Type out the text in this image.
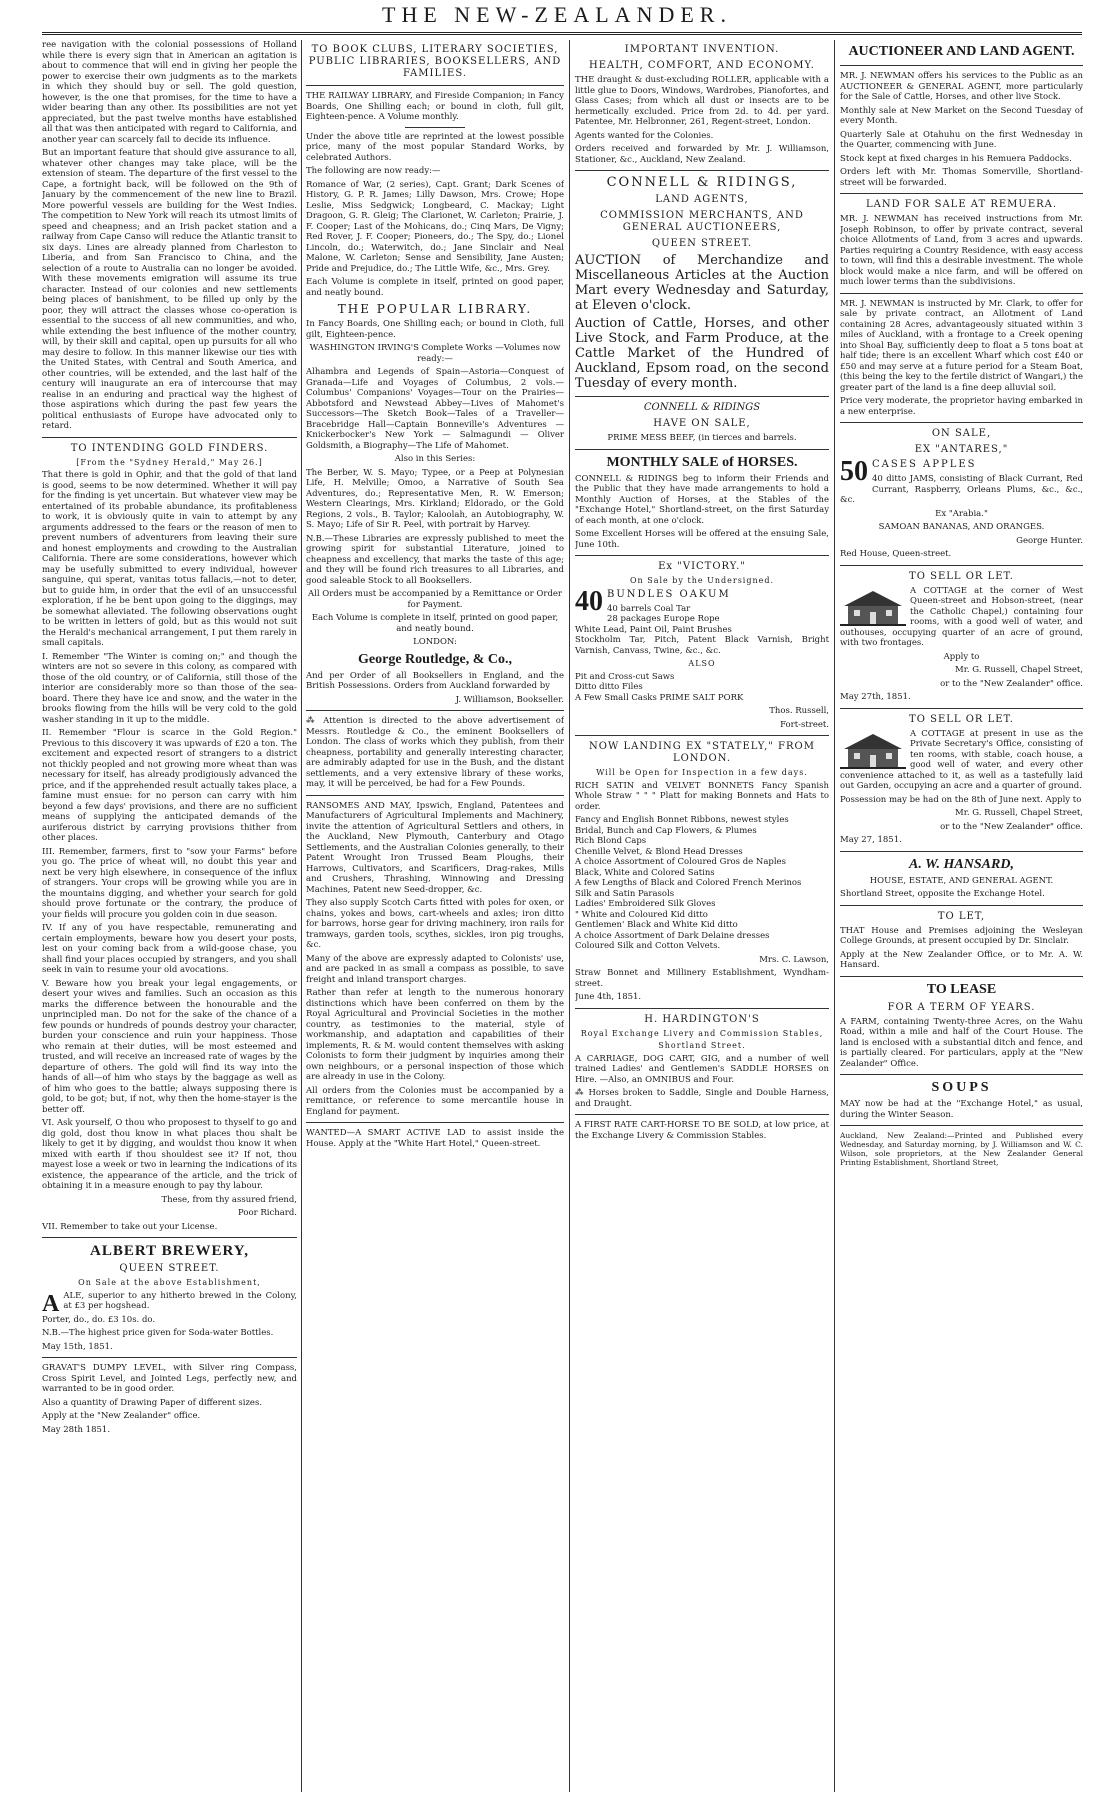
THE NEW-ZEALANDER.

ree navigation with the colonial possessions of Holland while there is every sign that in American an agitation is about to commence that will end in giving her people the power to exercise their own judgments as to the markets in which they should buy or sell. The gold question, however, is the one that promises, for the time to have a wider bearing than any other. Its possibilities are not yet appreciated, but the past twelve months have established all that was then anticipated with regard to California, and another year can scarcely fail to decide its influence.

But an important feature that should give assurance to all, whatever other changes may take place, will be the extension of steam. The departure of the first vessel to the Cape, a fortnight back, will be followed on the 9th of January by the commencement of the new line to Brazil. More powerful vessels are building for the West Indies. The competition to New York will reach its utmost limits of speed and cheapness; and an Irish packet station and a railway from Cape Canso will reduce the Atlantic transit to six days. Lines are already planned from Charleston to Liberia, and from San Francisco to China, and the selection of a route to Australia can no longer be avoided. With these movements emigration will assume its true character. Instead of our colonies and new settlements being places of banishment, to be filled up only by the poor, they will attract the classes whose co-operation is essential to the success of all new communities, and who, while extending the best influence of the mother country, will, by their skill and capital, open up pursuits for all who may desire to follow. In this manner likewise our ties with the United States, with Central and South America, and other countries, will be extended, and the last half of the century will inaugurate an era of intercourse that may realise in an enduring and practical way the highest of those aspirations which during the past few years the political enthusiasts of Europe have advocated only to retard.

TO INTENDING GOLD FINDERS.
[From the "Sydney Herald," May 26.]

That there is gold in Ophir, and that the gold of that land is good, seems to be now determined. Whether it will pay for the finding is yet uncertain. But whatever view may be entertained of its probable abundance, its profitableness to work, it is obviously quite in vain to attempt by any arguments addressed to the fears or the reason of men to prevent numbers of adventurers from leaving their sure and honest employments and crowding to the Australian California. There are some considerations, however which may be usefully submitted to every individual, however sanguine, qui sperat, vanitas totus fallacis,—not to deter, but to guide him, in order that the evil of an unsuccessful exploration, if he be bent upon going to the diggings, may be somewhat alleviated. The following observations ought to be written in letters of gold, but as this would not suit the Herald's mechanical arrangement, I put them rarely in small capitals.

I. Remember "The Winter is coming on;" and though the winters are not so severe in this colony, as compared with those of the old country, or of California, still those of the interior are considerably more so than those of the sea-board. There they have ice and snow, and the water in the brooks flowing from the hills will be very cold to the gold washer standing in it up to the middle.

II. Remember "Flour is scarce in the Gold Region." Previous to this discovery it was upwards of £20 a ton. The excitement and expected resort of strangers to a district not thickly peopled and not growing more wheat than was necessary for itself, has already prodigiously advanced the price, and if the apprehended result actually takes place, a famine must ensue: for no person can carry with him beyond a few days' provisions, and there are no sufficient means of supplying the anticipated demands of the auriferous district by carrying provisions thither from other places.

III. Remember, farmers, first to "sow your Farms" before you go. The price of wheat will, no doubt this year and next be very high elsewhere, in consequence of the influx of strangers. Your crops will be growing while you are in the mountains digging, and whether your search for gold should prove fortunate or the contrary, the produce of your fields will procure you golden coin in due season.

IV. If any of you have respectable, remunerating and certain employments, beware how you desert your posts, lest on your coming back from a wild-goose chase, you shall find your places occupied by strangers, and you shall seek in vain to resume your old avocations.

V. Beware how you break your legal engagements, or desert your wives and families. Such an occasion as this marks the difference between the honourable and the unprincipled man. Do not for the sake of the chance of a few pounds or hundreds of pounds destroy your character, burden your conscience and ruin your happiness. Those who remain at their duties, will be most esteemed and trusted, and will receive an increased rate of wages by the departure of others. The gold will find its way into the hands of all—of him who stays by the baggage as well as of him who goes to the battle; always supposing there is gold, to be got; but, if not, why then the home-stayer is the better off.

VI. Ask yourself, O thou who proposest to thyself to go and dig gold, dost thou know in what places thou shalt be likely to get it by digging, and wouldst thou know it when mixed with earth if thou shouldest see it? If not, thou mayest lose a week or two in learning the indications of its existence, the appearance of the article, and the trick of obtaining it in a measure enough to pay thy labour.

These, from thy assured friend,

Poor Richard.

VII. Remember to take out your License.

ALBERT BREWERY,
QUEEN STREET.
On Sale at the above Establishment,

AALE, superior to any hitherto brewed in the Colony, at £3 per hogshead.

Porter, do., do. £3 10s. do.

N.B.—The highest price given for Soda-water Bottles.

May 15th, 1851.

GRAVAT'S DUMPY LEVEL, with Silver ring Compass, Cross Spirit Level, and Jointed Legs, perfectly new, and warranted to be in good order.

Also a quantity of Drawing Paper of different sizes.

Apply at the "New Zealander" office.

May 28th 1851.

TO BOOK CLUBS, LITERARY SOCIETIES, PUBLIC LIBRARIES, BOOKSELLERS, AND FAMILIES.

THE RAILWAY LIBRARY, and Fireside Companion; in Fancy Boards, One Shilling each; or bound in cloth, full gilt, Eighteen-pence. A Volume monthly.

Under the above title are reprinted at the lowest possible price, many of the most popular Standard Works, by celebrated Authors.

The following are now ready:—

Romance of War, (2 series), Capt. Grant; Dark Scenes of History, G. P. R. James; Lilly Dawson, Mrs. Crowe; Hope Leslie, Miss Sedgwick; Longbeard, C. Mackay; Light Dragoon, G. R. Gleig; The Clarionet, W. Carleton; Prairie, J. F. Cooper; Last of the Mohicans, do.; Cinq Mars, De Vigny; Red Rover, J. F. Cooper; Pioneers, do.; The Spy, do.; Lionel Lincoln, do.; Waterwitch, do.; Jane Sinclair and Neal Malone, W. Carleton; Sense and Sensibility, Jane Austen; Pride and Prejudice, do.; The Little Wife, &c., Mrs. Grey.

Each Volume is complete in itself, printed on good paper, and neatly bound.

THE POPULAR LIBRARY.

In Fancy Boards, One Shilling each; or bound in Cloth, full gilt, Eighteen-pence.

WASHINGTON IRVING'S Complete Works —Volumes now ready:—

Alhambra and Legends of Spain—Astoria—Conquest of Granada—Life and Voyages of Columbus, 2 vols.—Columbus' Companions' Voyages—Tour on the Prairies—Abbotsford and Newstead Abbey—Lives of Mahomet's Successors—The Sketch Book—Tales of a Traveller—Bracebridge Hall—Captain Bonneville's Adventures — Knickerbocker's New York — Salmagundi — Oliver Goldsmith, a Biography—The Life of Mahomet.

Also in this Series:

The Berber, W. S. Mayo; Typee, or a Peep at Polynesian Life, H. Melville; Omoo, a Narrative of South Sea Adventures, do.; Representative Men, R. W. Emerson; Western Clearings, Mrs. Kirkland; Eldorado, or the Gold Regions, 2 vols., B. Taylor; Kaloolah, an Autobiography, W. S. Mayo; Life of Sir R. Peel, with portrait by Harvey.

N.B.—These Libraries are expressly published to meet the growing spirit for substantial Literature, joined to cheapness and excellency, that marks the taste of this age; and they will be found rich treasures to all Libraries, and good saleable Stock to all Booksellers.

All Orders must be accompanied by a Remittance or Order for Payment.

Each Volume is complete in itself, printed on good paper, and neatly bound.

LONDON:

George Routledge, & Co.,

And per Order of all Booksellers in England, and the British Possessions. Orders from Auckland forwarded by

J. Williamson, Bookseller.

⁂ Attention is directed to the above advertisement of Messrs. Routledge & Co., the eminent Booksellers of London. The class of works which they publish, from their cheapness, portability and generally interesting character, are admirably adapted for use in the Bush, and the distant settlements, and a very extensive library of these works, may, it will be perceived, be had for a Few Pounds.

RANSOMES AND MAY, Ipswich, England, Patentees and Manufacturers of Agricultural Implements and Machinery, invite the attention of Agricultural Settlers and others, in the Auckland, New Plymouth, Canterbury and Otago Settlements, and the Australian Colonies generally, to their Patent Wrought Iron Trussed Beam Ploughs, their Harrows, Cultivators, and Scarificers, Drag-rakes, Mills and Crushers, Thrashing, Winnowing and Dressing Machines, Patent new Seed-dropper, &c.

They also supply Scotch Carts fitted with poles for oxen, or chains, yokes and bows, cart-wheels and axles; iron ditto for barrows, horse gear for driving machinery, iron rails for tramways, garden tools, scythes, sickles, iron pig troughs, &c.

Many of the above are expressly adapted to Colonists' use, and are packed in as small a compass as possible, to save freight and inland transport charges.

Rather than refer at length to the numerous honorary distinctions which have been conferred on them by the Royal Agricultural and Provincial Societies in the mother country, as testimonies to the material, style of workmanship, and adaptation and capabilities of their implements, R. & M. would content themselves with asking Colonists to form their judgment by inquiries among their own neighbours, or a personal inspection of those which are already in use in the Colony.

All orders from the Colonies must be accompanied by a remittance, or reference to some mercantile house in England for payment.

WANTED—A SMART ACTIVE LAD to assist inside the House. Apply at the "White Hart Hotel," Queen-street.

IMPORTANT INVENTION.
HEALTH, COMFORT, AND ECONOMY.

THE draught & dust-excluding ROLLER, applicable with a little glue to Doors, Windows, Wardrobes, Pianofortes, and Glass Cases; from which all dust or insects are to be hermetically excluded. Price from 2d. to 4d. per yard. Patentee, Mr. Helbronner, 261, Regent-street, London.

Agents wanted for the Colonies.

Orders received and forwarded by Mr. J. Williamson, Stationer, &c., Auckland, New Zealand.

CONNELL & RIDINGS,
LAND AGENTS,
COMMISSION MERCHANTS, AND GENERAL AUCTIONEERS,
QUEEN STREET.

AUCTION of Merchandize and Miscellaneous Articles at the Auction Mart every Wednesday and Saturday, at Eleven o'clock.

Auction of Cattle, Horses, and other Live Stock, and Farm Produce, at the Cattle Market of the Hundred of Auckland, Epsom road, on the second Tuesday of every month.

CONNELL & RIDINGS
HAVE ON SALE,

PRIME MESS BEEF, (in tierces and barrels.

MONTHLY SALE of HORSES.

CONNELL & RIDINGS beg to inform their Friends and the Public that they have made arrangements to hold a Monthly Auction of Horses, at the Stables of the "Exchange Hotel," Shortland-street, on the first Saturday of each month, at one o'clock.

Some Excellent Horses will be offered at the ensuing Sale, June 10th.

Ex "VICTORY."
On Sale by the Undersigned.

40 BUNDLES OAKUM

40 barrels Coal Tar
28 packages Europe Rope
White Lead, Paint Oil, Paint Brushes
Stockholm Tar, Pitch, Patent Black Varnish, Bright Varnish, Canvass, Twine, &c., &c.

ALSO

Pit and Cross-cut Saws
Ditto ditto Files
A Few Small Casks PRIME SALT PORK

Thos. Russell,

Fort-street.

NOW LANDING EX "STATELY," FROM LONDON.
Will be Open for Inspection in a few days.

RICH SATIN and VELVET BONNETS Fancy Spanish Whole Straw " " " Platt for making Bonnets and Hats to order.

Fancy and English Bonnet Ribbons, newest styles
Bridal, Bunch and Cap Flowers, & Plumes
Rich Blond Caps
Chenille Velvet, & Blond Head Dresses
A choice Assortment of Coloured Gros de Naples
Black, White and Colored Satins
A few Lengths of Black and Colored French Merinos
Silk and Satin Parasols
Ladies' Embroidered Silk Gloves
" White and Coloured Kid ditto
Gentlemen' Black and White Kid ditto
A choice Assortment of Dark Delaine dresses
Coloured Silk and Cotton Velvets.

Mrs. C. Lawson,

Straw Bonnet and Millinery Establishment, Wyndham-street.

June 4th, 1851.

H. HARDINGTON'S
Royal Exchange Livery and Commission Stables,
Shortland Street.

A CARRIAGE, DOG CART, GIG, and a number of well trained Ladies' and Gentlemen's SADDLE HORSES on Hire. —Also, an OMNIBUS and Four.

⁂ Horses broken to Saddle, Single and Double Harness, and Draught.

A FIRST RATE CART-HORSE TO BE SOLD, at low price, at the Exchange Livery & Commission Stables.

AUCTIONEER AND LAND AGENT.

MR. J. NEWMAN offers his services to the Public as an AUCTIONEER & GENERAL AGENT, more particularly for the Sale of Cattle, Horses, and other live Stock.

Monthly sale at New Market on the Second Tuesday of every Month.

Quarterly Sale at Otahuhu on the first Wednesday in the Quarter, commencing with June.

Stock kept at fixed charges in his Remuera Paddocks.

Orders left with Mr. Thomas Somerville, Shortland-street will be forwarded.

LAND FOR SALE AT REMUERA.

MR. J. NEWMAN has received instructions from Mr. Joseph Robinson, to offer by private contract, several choice Allotments of Land, from 3 acres and upwards. Parties requiring a Country Residence, with easy access to town, will find this a desirable investment. The whole block would make a nice farm, and will be offered on much lower terms than the subdivisions.

MR. J. NEWMAN is instructed by Mr. Clark, to offer for sale by private contract, an Allotment of Land containing 28 Acres, advantageously situated within 3 miles of Auckland, with a frontage to a Creek opening into Shoal Bay, sufficiently deep to float a 5 tons boat at half tide; there is an excellent Wharf which cost £40 or £50 and may serve at a future period for a Steam Boat, (this being the key to the fertile district of Wangari,) the greater part of the land is a fine deep alluvial soil.

Price very moderate, the proprietor having embarked in a new enterprise.

ON SALE,
EX "ANTARES,"

50 CASES APPLES

40 ditto JAMS, consisting of Black Currant, Red Currant, Raspberry, Orleans Plums, &c., &c., &c.

Ex "Arabia."

SAMOAN BANANAS, AND ORANGES.

George Hunter.

Red House, Queen-street.

TO SELL OR LET.

A COTTAGE at the corner of West Queen-street and Hobson-street, (near the Catholic Chapel,) containing four rooms, with a good well of water, and outhouses, occupying quarter of an acre of ground, with two frontages.

Apply to

Mr. G. Russell, Chapel Street,

or to the "New Zealander" office.

May 27th, 1851.

TO SELL OR LET.

A COTTAGE at present in use as the Private Secretary's Office, consisting of ten rooms, with stable, coach house, a good well of water, and every other convenience attached to it, as well as a tastefully laid out Garden, occupying an acre and a quarter of ground.

Possession may be had on the 8th of June next. Apply to

Mr. G. Russell, Chapel Street,

or to the "New Zealander" office.

May 27, 1851.

A. W. HANSARD,

HOUSE, ESTATE, AND GENERAL AGENT.

Shortland Street, opposite the Exchange Hotel.

TO LET,

THAT House and Premises adjoining the Wesleyan College Grounds, at present occupied by Dr. Sinclair.

Apply at the New Zealander Office, or to Mr. A. W. Hansard.

TO LEASE
FOR A TERM OF YEARS.

A FARM, containing Twenty-three Acres, on the Wahu Road, within a mile and half of the Court House. The land is enclosed with a substantial ditch and fence, and is partially cleared. For particulars, apply at the "New Zealander" Office.

SOUPS

MAY now be had at the "Exchange Hotel," as usual, during the Winter Season.

Auckland, New Zealand:—Printed and Published every Wednesday, and Saturday morning, by J. Williamson and W. C. Wilson, sole proprietors, at the New Zealander General Printing Establishment, Shortland Street,
